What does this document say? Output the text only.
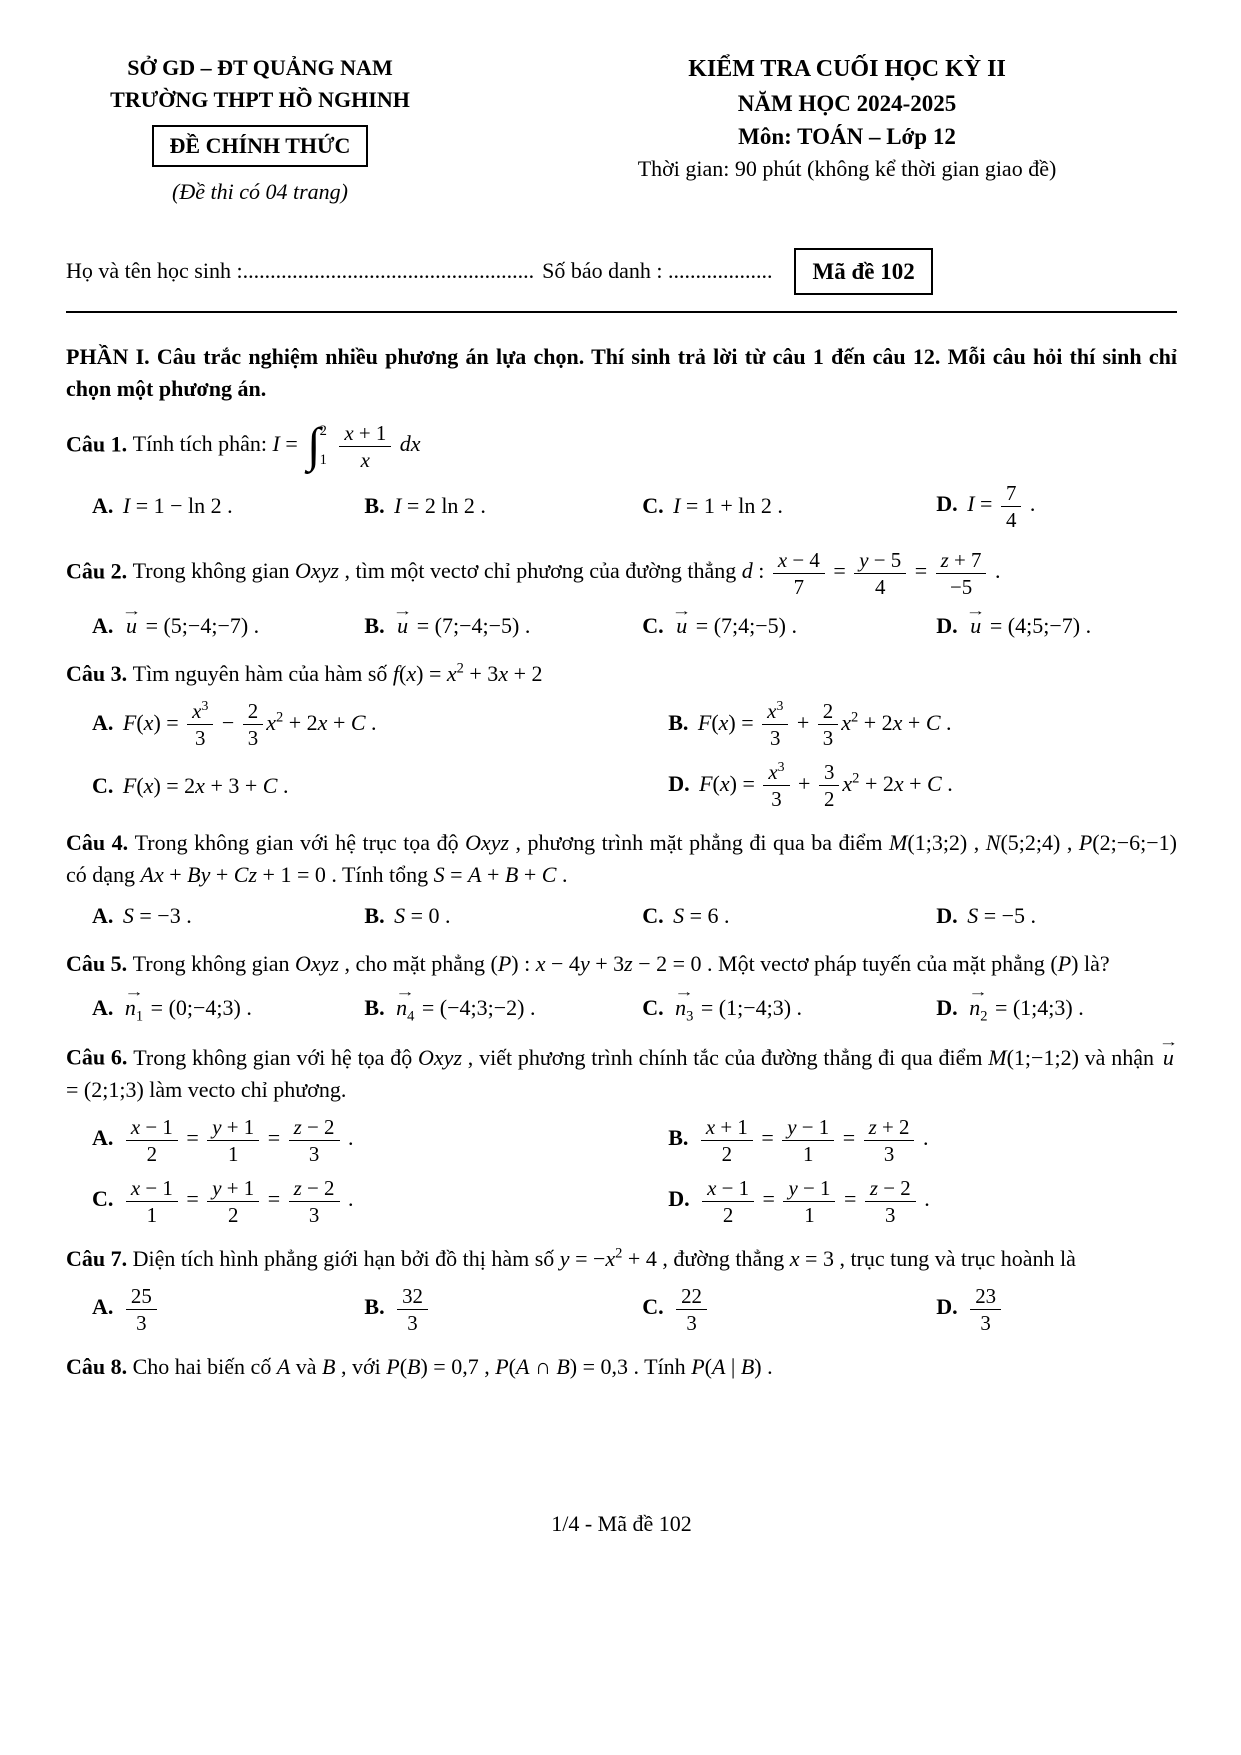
SỞ GD – ĐT QUẢNG NAM
TRƯỜNG THPT HỒ NGHINH
ĐỀ CHÍNH THỨC
(Đề thi có 04 trang)
KIỂM TRA CUỐI HỌC KỲ II
NĂM HỌC 2024-2025
Môn: TOÁN – Lớp 12
Thời gian: 90 phút (không kể thời gian giao đề)
Họ và tên học sinh :..................................................... Số báo danh : ...................	Mã đề 102
PHẦN I. Câu trắc nghiệm nhiều phương án lựa chọn. Thí sinh trả lời từ câu 1 đến câu 12. Mỗi câu hỏi thí sinh chỉ chọn một phương án.
Câu 1. Tính tích phân: I = ∫ 2
1
$\frac{x + 1}{x}$ dx
A. I = 1 − ln 2 .	B. I = 2 ln 2 .	C. I = 1 + ln 2 .	D. $I = \frac{7}{4}$ .
Câu 2. Trong không gian Oxyz , tìm một vectơ chỉ phương của đường thẳng d : $\frac{x - 4}{7} = \frac{y - 5}{4} = \frac{z + 7}{-5}$ .
A.
→
u = (5;−4;−7) .	B.
→
u = (7;−4;−5) .	C.
→
u = (7;4;−5) .	D.
→
u = (4;5;−7) .
Câu 3. Tìm nguyên hàm của hàm số $f(x) = x^2 + 3x + 2$
A. $F(x) = \frac{x^3}{3} - \frac{2}{3} x^2 + 2x + C$ .	B. $F(x) = \frac{x^3}{3} + \frac{2}{3} x^2 + 2x + C$ .
C. F(x) = 2x + 3 + C .	D. $F(x) = \frac{x^3}{3} + \frac{3}{2} x^2 + 2x + C$ .
Câu 4. Trong không gian với hệ trục tọa độ Oxyz , phương trình mặt phẳng đi qua ba điểm M(1;3;2) , N(5;2;4) , P(2;−6;−1) có dạng Ax + By + Cz + 1 = 0 . Tính tổng S = A + B + C .
A. S = −3 .	B. S = 0 .	C. S = 6 .	D. S = −5 .
Câu 5. Trong không gian Oxyz , cho mặt phẳng (P) : x − 4y + 3z − 2 = 0 . Một vectơ pháp tuyến của mặt phẳng (P) là?
A.
→
$n_1$ = (0;−4;3) .	B.
→
$n_4$ = (−4;3;−2) .	C.
→
$n_3$ = (1;−4;3) .	D.
→
$n_2$ = (1;4;3) .
Câu 6. Trong không gian với hệ tọa độ Oxyz , viết phương trình chính tắc của đường thẳng đi qua điểm M(1;−1;2) và nhận
→
u
= (2;1;3) làm vecto chỉ phương.
A. $\frac{x - 1}{2} = \frac{y + 1}{1} = \frac{z - 2}{3}$ .	B. $\frac{x + 1}{2} = \frac{y - 1}{1} = \frac{z + 2}{3}$ .
C. $\frac{x - 1}{1} = \frac{y + 1}{2} = \frac{z - 2}{3}$ .	D. $\frac{x - 1}{2} = \frac{y - 1}{1} = \frac{z - 2}{3}$ .
Câu 7. Diện tích hình phẳng giới hạn bởi đồ thị hàm số $y = -x^2 + 4$ , đường thẳng x = 3 , trục tung và trục hoành là
A. $\frac{25}{3}$	B. $\frac{32}{3}$	C. $\frac{22}{3}$	D. $\frac{23}{3}$
Câu 8. Cho hai biến cố A và B , với P(B) = 0,7 , P(A ∩ B) = 0,3 . Tính P(A | B) .
1/4 - Mã đề 102
